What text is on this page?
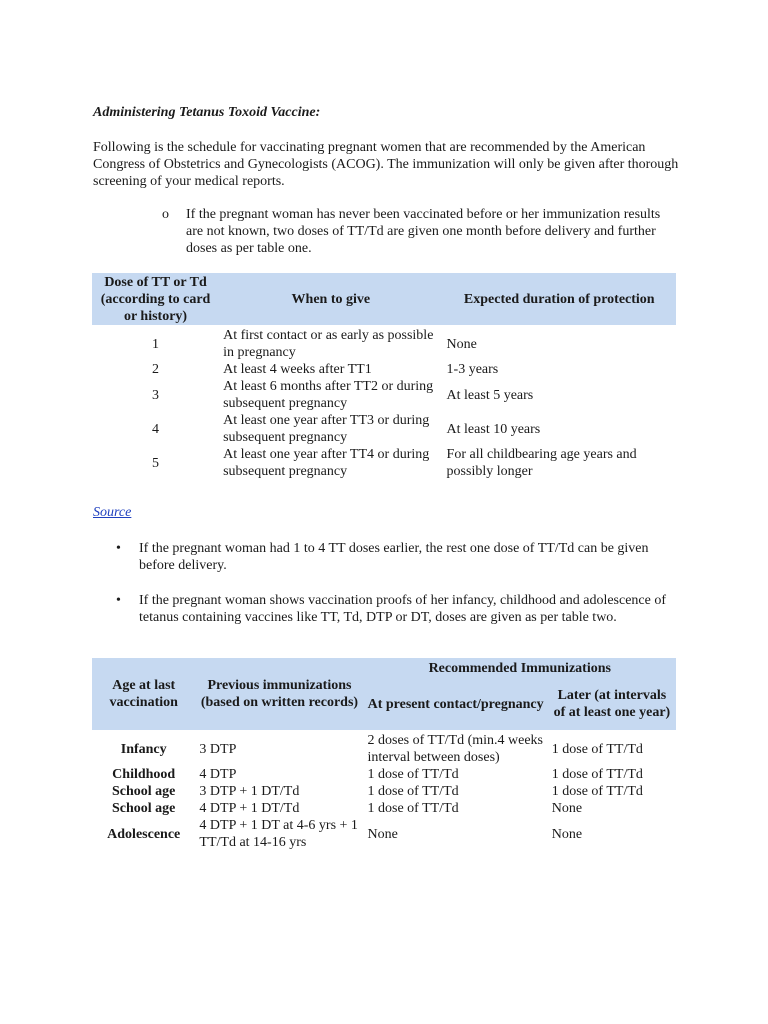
Administering Tetanus Toxoid Vaccine:
Following is the schedule for vaccinating pregnant women that are recommended by the American Congress of Obstetrics and Gynecologists (ACOG). The immunization will only be given after thorough screening of your medical reports.
o If the pregnant woman has never been vaccinated before or her immunization results are not known, two doses of TT/Td are given one month before delivery and further doses as per table one.
Dose of TT or Td (according to card or history)	When to give	Expected duration of protection
1	At first contact or as early as possible in pregnancy	None
2	At least 4 weeks after TT1	1-3 years
3	At least 6 months after TT2 or during subsequent pregnancy	At least 5 years
4	At least one year after TT3 or during subsequent pregnancy	At least 10 years
5	At least one year after TT4 or during subsequent pregnancy	For all childbearing age years and possibly longer
Source
• If the pregnant woman had 1 to 4 TT doses earlier, the rest one dose of TT/Td can be given before delivery.
• If the pregnant woman shows vaccination proofs of her infancy, childhood and adolescence of tetanus containing vaccines like TT, Td, DTP or DT, doses are given as per table two.
Age at last vaccination	Previous immunizations (based on written records)	Recommended Immunizations	
		At present contact/pregnancy	Later (at intervals of at least one year)

Infancy	3 DTP	2 doses of TT/Td (min.4 weeks interval between doses)	1 dose of TT/Td
Childhood	4 DTP	1 dose of TT/Td	1 dose of TT/Td
School age	3 DTP + 1 DT/Td	1 dose of TT/Td	1 dose of TT/Td
School age	4 DTP + 1 DT/Td	1 dose of TT/Td	None
Adolescence	4 DTP + 1 DT at 4-6 yrs + 1 TT/Td at 14-16 yrs	None	None
